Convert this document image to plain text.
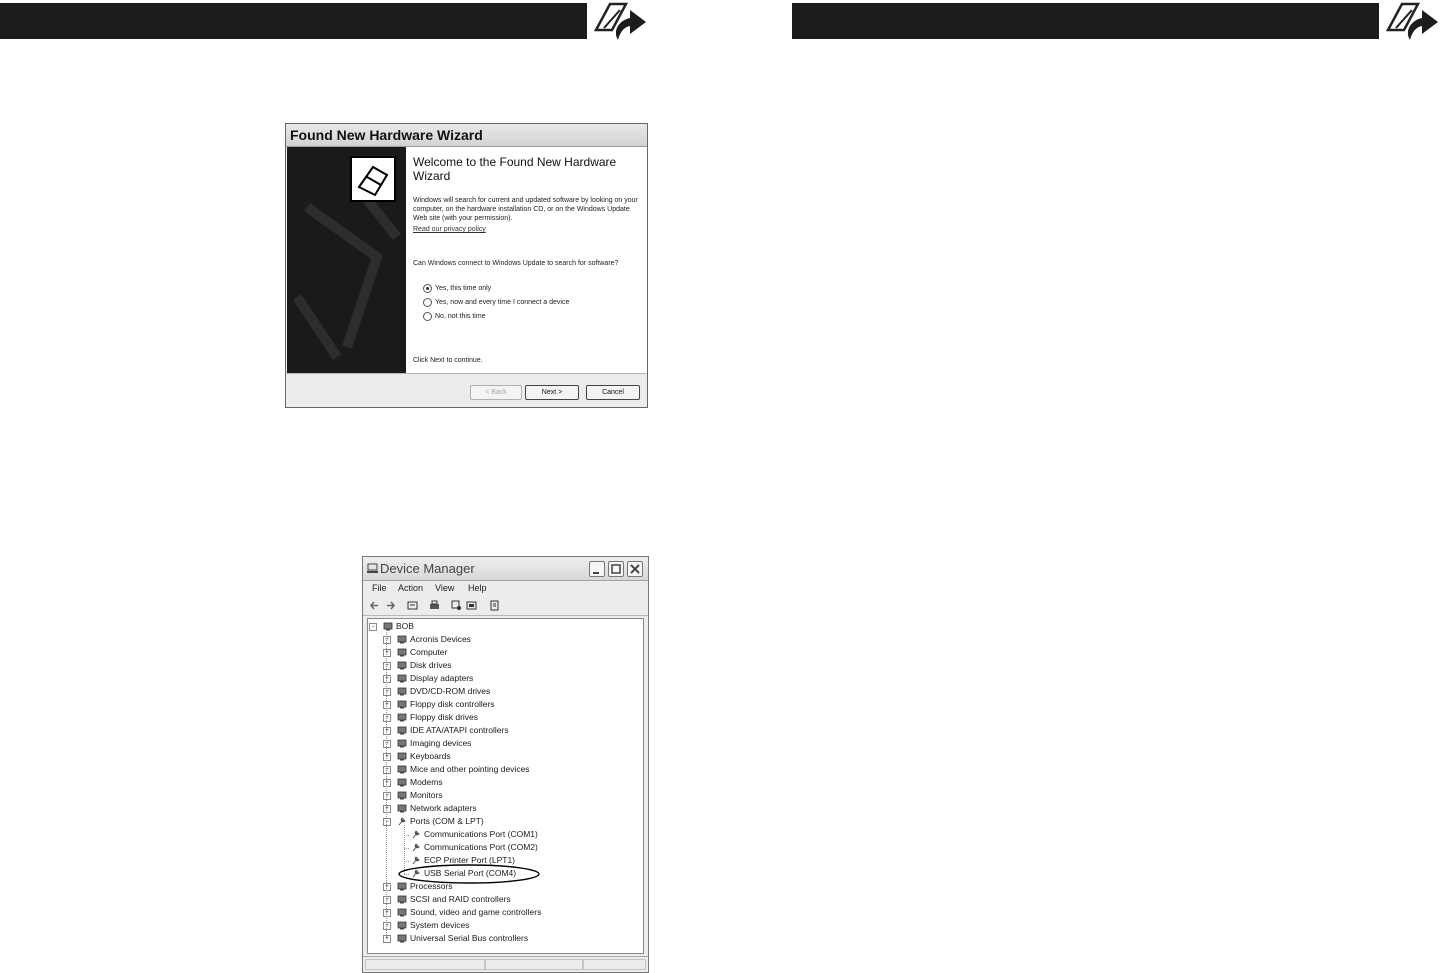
Found New Hardware Wizard
Welcome to the Found New Hardware Wizard
Windows will search for current and updated software by looking on your computer, on the hardware installation CD, or on the Windows Update Web site (with your permission).
Read our privacy policy
Can Windows connect to Windows Update to search for software?
Yes, this time only
Yes, now and every time I connect a device
No, not this time
Click Next to continue.
< Back	Next >	Cancel
Device Manager
File Action View Help
−	BOB
+	Acronis Devices
+	Computer
+	Disk drives
+	Display adapters
+	DVD/CD-ROM drives
+	Floppy disk controllers
+	Floppy disk drives
+	IDE ATA/ATAPI controllers
+	Imaging devices
+	Keyboards
+	Mice and other pointing devices
+	Modems
+	Monitors
+	Network adapters
−	Ports (COM & LPT)
Communications Port (COM1)
Communications Port (COM2)
ECP Printer Port (LPT1)
USB Serial Port (COM4)
+	Processors
+	SCSI and RAID controllers
+	Sound, video and game controllers
+	System devices
+	Universal Serial Bus controllers
